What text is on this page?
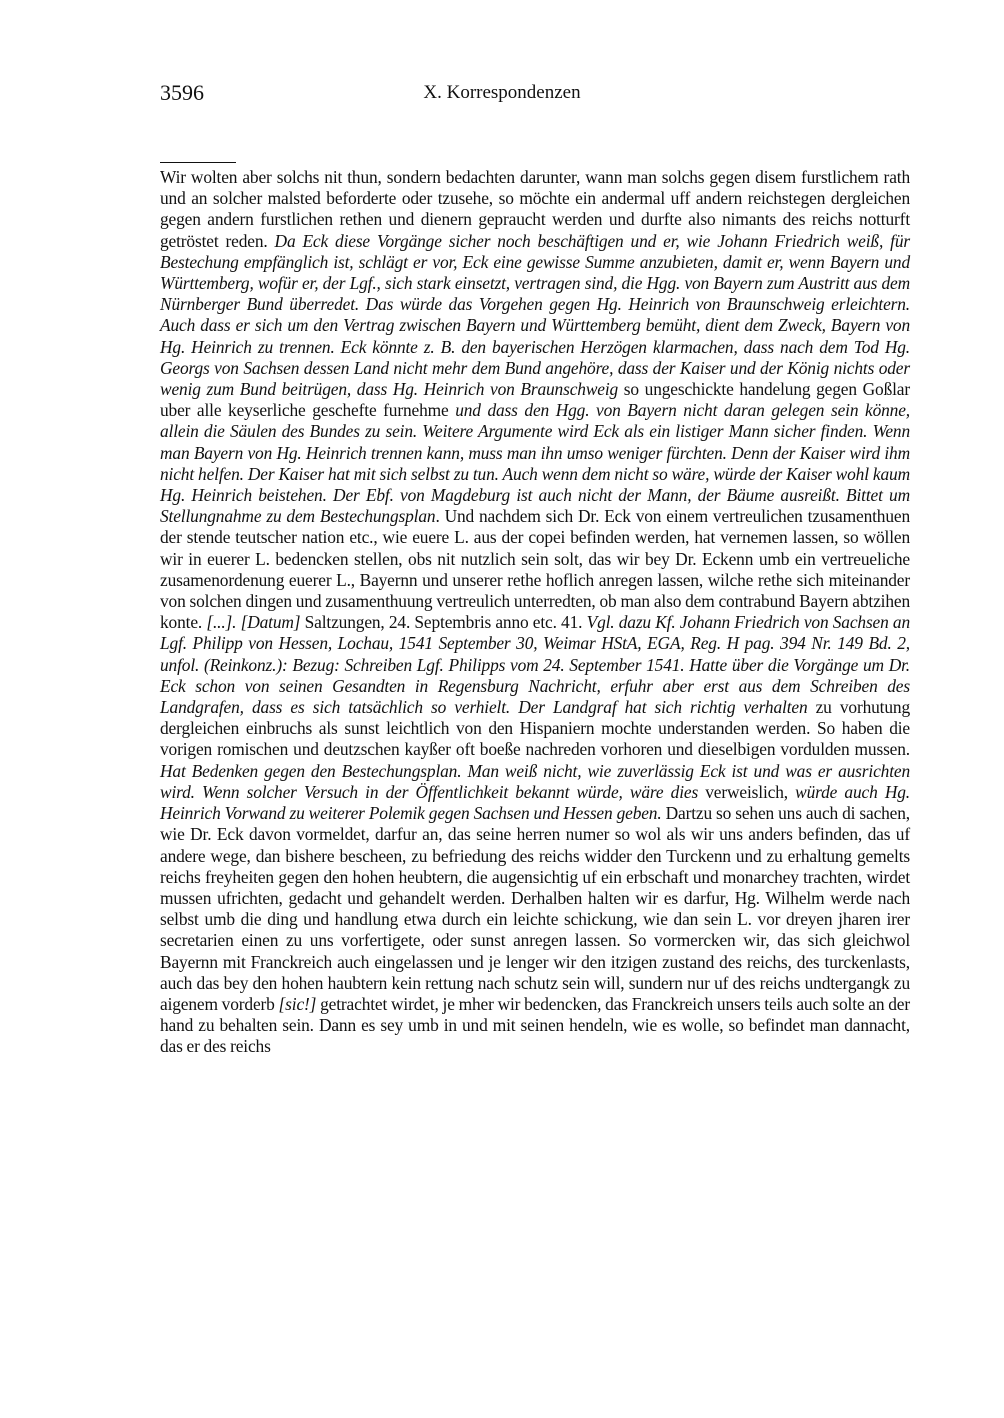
3596	X. Korrespondenzen
Wir wolten aber solchs nit thun, sondern bedachten darunter, wann man solchs gegen disem furstlichem rath und an solcher malsted beforderte oder tzusehe, so möchte ein andermal uff andern reichstegen dergleichen gegen andern furstlichen rethen und dienern gepraucht werden und durfte also nimants des reichs notturft getröstet reden. Da Eck diese Vorgänge sicher noch beschäftigen und er, wie Johann Friedrich weiß, für Bestechung empfänglich ist, schlägt er vor, Eck eine gewisse Summe anzubieten, damit er, wenn Bayern und Württemberg, wofür er, der Lgf., sich stark einsetzt, vertragen sind, die Hgg. von Bayern zum Austritt aus dem Nürnberger Bund überredet. Das würde das Vorgehen gegen Hg. Heinrich von Braunschweig erleichtern. Auch dass er sich um den Vertrag zwischen Bayern und Württemberg bemüht, dient dem Zweck, Bayern von Hg. Heinrich zu trennen. Eck könnte z. B. den bayerischen Herzögen klarmachen, dass nach dem Tod Hg. Georgs von Sachsen dessen Land nicht mehr dem Bund angehöre, dass der Kaiser und der König nichts oder wenig zum Bund beitrügen, dass Hg. Heinrich von Braunschweig so ungeschickte handelung gegen Goßlar uber alle keyserliche geschefte furnehme und dass den Hgg. von Bayern nicht daran gelegen sein könne, allein die Säulen des Bundes zu sein. Weitere Argumente wird Eck als ein listiger Mann sicher finden. Wenn man Bayern von Hg. Heinrich trennen kann, muss man ihn umso weniger fürchten. Denn der Kaiser wird ihm nicht helfen. Der Kaiser hat mit sich selbst zu tun. Auch wenn dem nicht so wäre, würde der Kaiser wohl kaum Hg. Heinrich beistehen. Der Ebf. von Magdeburg ist auch nicht der Mann, der Bäume ausreißt. Bittet um Stellungnahme zu dem Bestechungsplan. Und nachdem sich Dr. Eck von einem vertreulichen tzusamenthuen der stende teutscher nation etc., wie euere L. aus der copei befinden werden, hat vernemen lassen, so wöllen wir in euerer L. bedencken stellen, obs nit nutzlich sein solt, das wir bey Dr. Eckenn umb ein vertreueliche zusamenordenung euerer L., Bayernn und unserer rethe hoflich anregen lassen, wilche rethe sich miteinander von solchen dingen und zusamenthuung vertreulich unterredten, ob man also dem contrabund Bayern abtzihen konte. [...]. [Datum] Saltzungen, 24. Septembris anno etc. 41. Vgl. dazu Kf. Johann Friedrich von Sachsen an Lgf. Philipp von Hessen, Lochau, 1541 September 30, Weimar HStA, EGA, Reg. H pag. 394 Nr. 149 Bd. 2, unfol. (Reinkonz.): Bezug: Schreiben Lgf. Philipps vom 24. September 1541. Hatte über die Vorgänge um Dr. Eck schon von seinen Gesandten in Regensburg Nachricht, erfuhr aber erst aus dem Schreiben des Landgrafen, dass es sich tatsächlich so verhielt. Der Landgraf hat sich richtig verhalten zu vorhutung dergleichen einbruchs als sunst leichtlich von den Hispaniern mochte understanden werden. So haben die vorigen romischen und deutzschen kayßer oft boeße nachreden vorhoren und dieselbigen vordulden mussen. Hat Bedenken gegen den Bestechungsplan. Man weiß nicht, wie zuverlässig Eck ist und was er ausrichten wird. Wenn solcher Versuch in der Öffentlichkeit bekannt würde, wäre dies verweislich, würde auch Hg. Heinrich Vorwand zu weiterer Polemik gegen Sachsen und Hessen geben. Dartzu so sehen uns auch di sachen, wie Dr. Eck davon vormeldet, darfur an, das seine herren numer so wol als wir uns anders befinden, das uf andere wege, dan bishere bescheen, zu befriedung des reichs widder den Turckenn und zu erhaltung gemelts reichs freyheiten gegen den hohen heubtern, die augensichtig uf ein erbschaft und monarchey trachten, wirdet mussen ufrichten, gedacht und gehandelt werden. Derhalben halten wir es darfur, Hg. Wilhelm werde nach selbst umb die ding und handlung etwa durch ein leichte schickung, wie dan sein L. vor dreyen jharen irer secretarien einen zu uns vorfertigete, oder sunst anregen lassen. So vormercken wir, das sich gleichwol Bayernn mit Franckreich auch eingelassen und je lenger wir den itzigen zustand des reichs, des turckenlasts, auch das bey den hohen haubtern kein rettung nach schutz sein will, sundern nur uf des reichs undtergangk zu aigenem vorderb [sic!] getrachtet wirdet, je mher wir bedencken, das Franckreich unsers teils auch solte an der hand zu behalten sein. Dann es sey umb in und mit seinen hendeln, wie es wolle, so befindet man dannacht, das er des reichs
